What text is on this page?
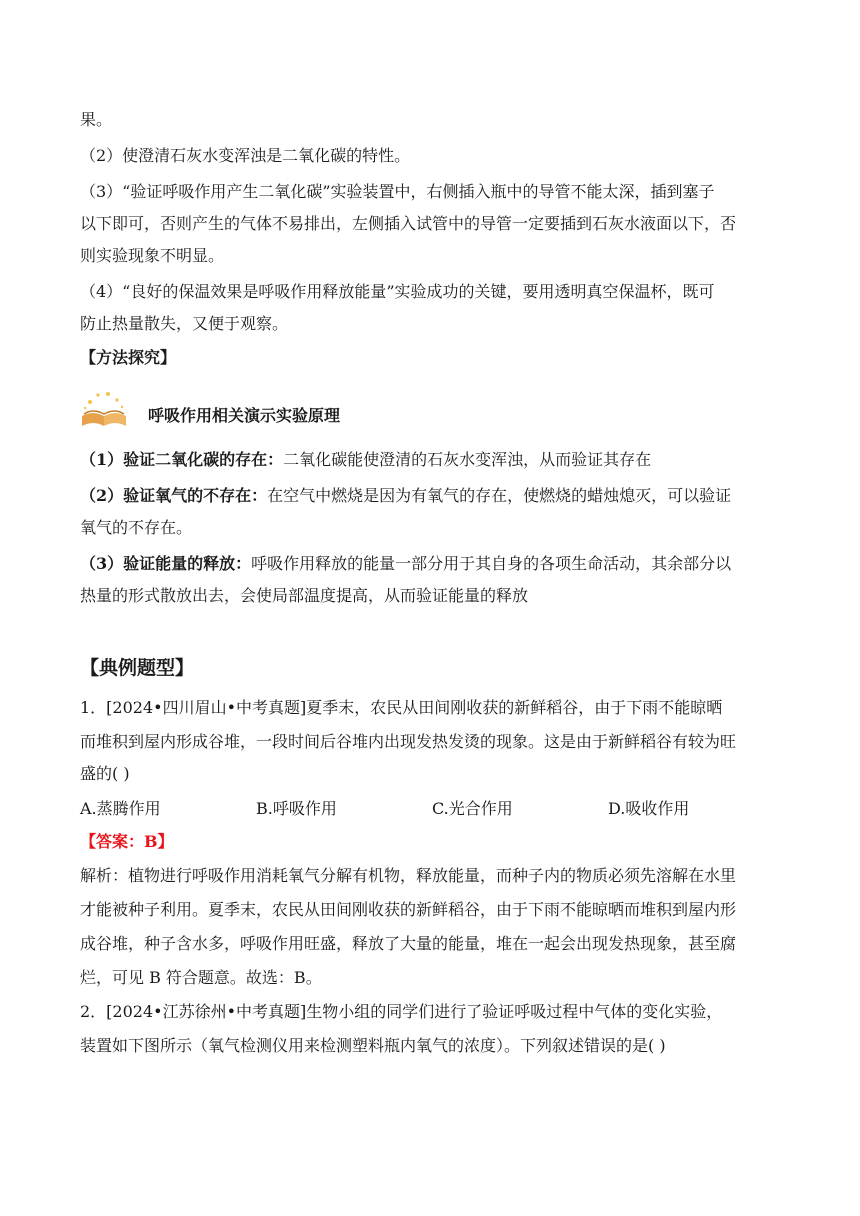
果。

（2）使澄清石灰水变浑浊是二氧化碳的特性。

（3）“验证呼吸作用产生二氧化碳”实验装置中，右侧插入瓶中的导管不能太深，插到塞子

以下即可，否则产生的气体不易排出，左侧插入试管中的导管一定要插到石灰水液面以下，否

则实验现象不明显。

（4）“良好的保温效果是呼吸作用释放能量”实验成功的关键，要用透明真空保温杯，既可

防止热量散失，又便于观察。

【方法探究】

呼吸作用相关演示实验原理

（1）验证二氧化碳的存在：二氧化碳能使澄清的石灰水变浑浊，从而验证其存在

（2）验证氧气的不存在：在空气中燃烧是因为有氧气的存在，使燃烧的蜡烛熄灭，可以验证

氧气的不存在。

（3）验证能量的释放：呼吸作用释放的能量一部分用于其自身的各项生命活动，其余部分以

热量的形式散放出去，会使局部温度提高，从而验证能量的释放

【典例题型】

1．[2024•四川眉山•中考真题]夏季末，农民从田间刚收获的新鲜稻谷，由于下雨不能晾晒

而堆积到屋内形成谷堆，一段时间后谷堆内出现发热发烫的现象。这是由于新鲜稻谷有较为旺

盛的( )

A.蒸腾作用	B.呼吸作用	C.光合作用	D.吸收作用

【答案：B】

解析：植物进行呼吸作用消耗氧气分解有机物，释放能量，而种子内的物质必须先溶解在水里

才能被种子利用。夏季末，农民从田间刚收获的新鲜稻谷，由于下雨不能晾晒而堆积到屋内形

成谷堆，种子含水多，呼吸作用旺盛，释放了大量的能量，堆在一起会出现发热现象，甚至腐

烂，可见 B 符合题意。故选：B。

2．[2024•江苏徐州•中考真题]生物小组的同学们进行了验证呼吸过程中气体的变化实验，

装置如下图所示（氧气检测仪用来检测塑料瓶内氧气的浓度）。下列叙述错误的是( )
